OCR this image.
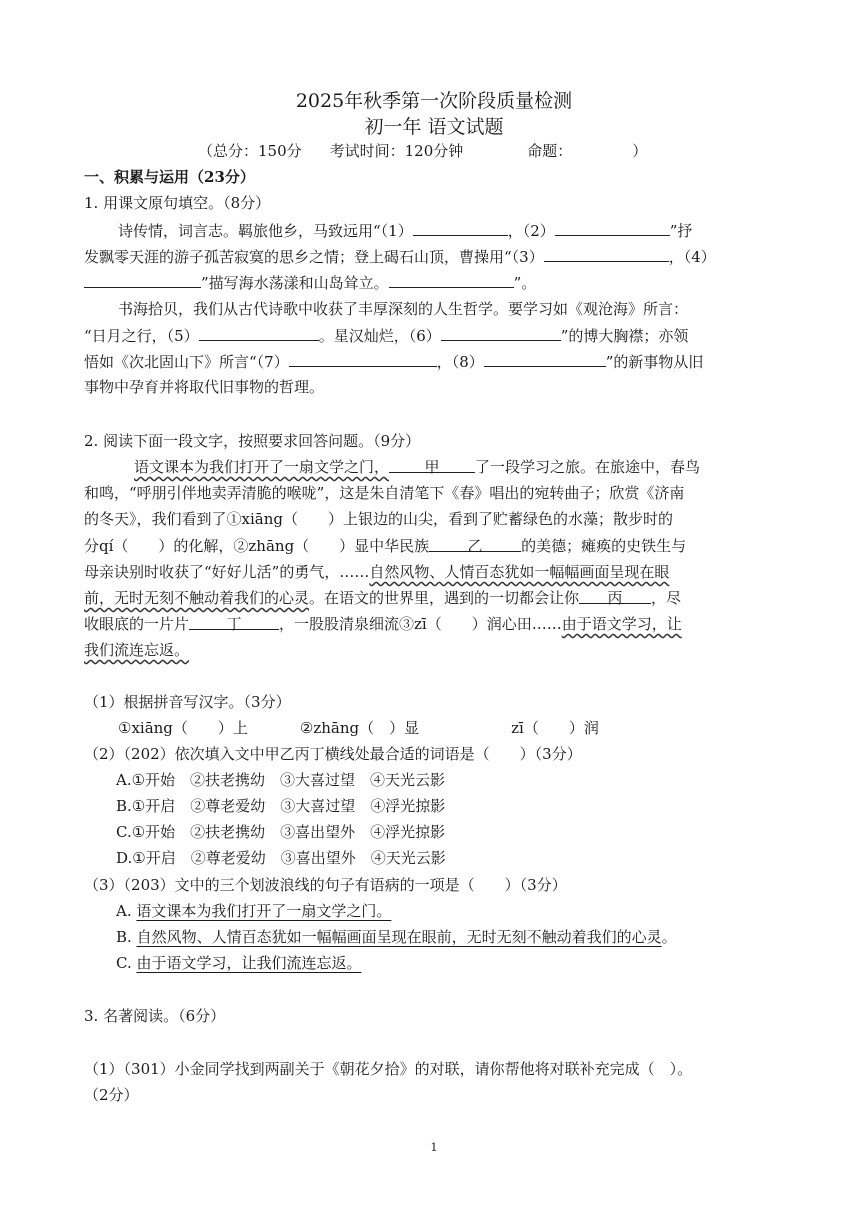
2025年秋季第一次阶段质量检测
初一年 语文试题
（总分：150分 考试时间：120分钟	命题：	）
一、积累与运用（23分）
1. 用课文原句填空。（8分）
诗传情，词言志。羁旅他乡，马致远用“（1）	，（2）	”抒
发飘零天涯的游子孤苦寂寞的思乡之情；登上碣石山顶，曹操用“（3）	，（4）
”描写海水荡漾和山岛耸立。	”。
书海拾贝，我们从古代诗歌中收获了丰厚深刻的人生哲学。要学习如《观沧海》所言：
“日月之行，（5）	。星汉灿烂，（6）	”的博大胸襟；亦领
悟如《次北固山下》所言“（7）	，（8）	”的新事物从旧
事物中孕育并将取代旧事物的哲理。
2. 阅读下面一段文字，按照要求回答问题。（9分）
语文课本为我们打开了一扇文学之门， 甲 了一段学习之旅。在旅途中，春鸟
和鸣，“呼朋引伴地卖弄清脆的喉咙”，这是朱自清笔下《春》唱出的宛转曲子；欣赏《济南
的冬天》，我们看到了①xiāng（　　）上银边的山尖，看到了贮蓄绿色的水藻；散步时的
分qí（　　）的化解，②zhāng（　　）显中华民族	乙	的美德；瘫痪的史铁生与
母亲诀别时收获了“好好儿活”的勇气，……自然风物、人情百态犹如一幅幅画面呈现在眼
前，无时无刻不触动着我们的心灵。在语文的世界里，遇到的一切都会让你 丙 ，尽
收眼底的一片片 丁	，一股股清泉细流③zī（　　）润心田……由于语文学习，让
我们流连忘返。
（1）根据拼音写汉字。（3分）
①xiāng（　　）上	②zhāng（　）显	zī（　　）润
（2）（202）依次填入文中甲乙丙丁横线处最合适的词语是（　　）（3分）
A.①开始　②扶老携幼　③大喜过望　④天光云影
B.①开启　②尊老爱幼　③大喜过望　④浮光掠影
C.①开始　②扶老携幼　③喜出望外　④浮光掠影
D.①开启　②尊老爱幼　③喜出望外　④天光云影
（3）（203）文中的三个划波浪线的句子有语病的一项是（　　）（3分）
A. 语文课本为我们打开了一扇文学之门。
B. 自然风物、人情百态犹如一幅幅画面呈现在眼前，无时无刻不触动着我们的心灵。
C. 由于语文学习，让我们流连忘返。
3. 名著阅读。（6分）
（1）（301）小金同学找到两副关于《朝花夕拾》的对联，请你帮他将对联补充完成（　）。
（2分）
1
